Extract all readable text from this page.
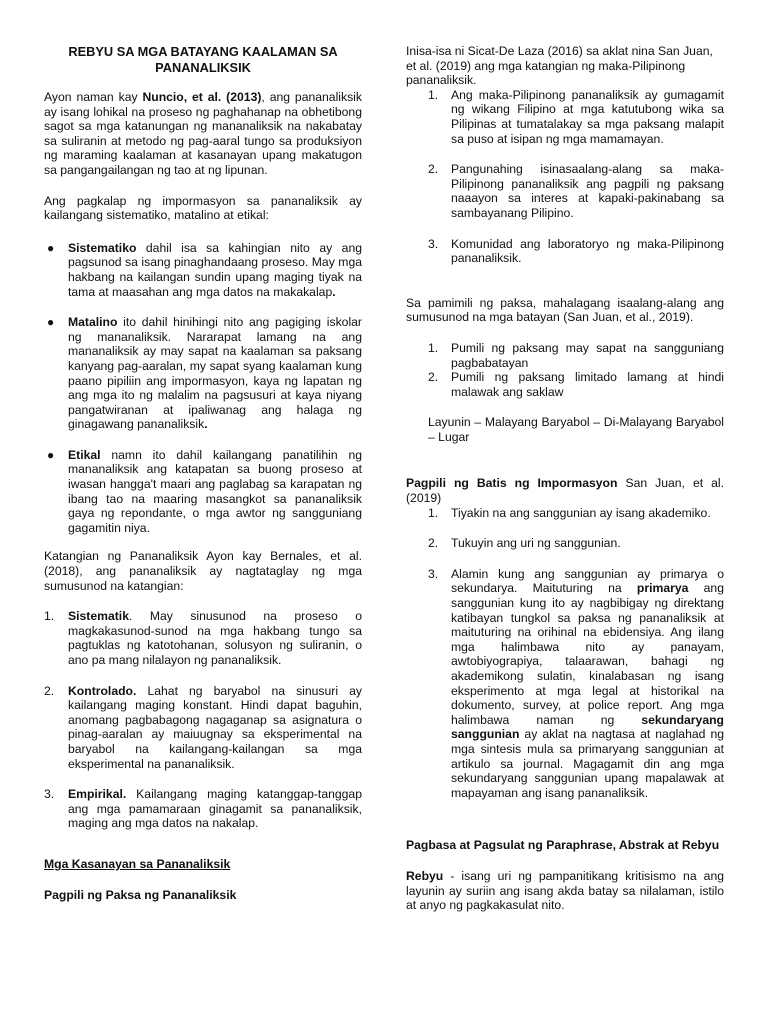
REBYU SA MGA BATAYANG KAALAMAN SA PANANALIKSIK

Ayon naman kay Nuncio, et al. (2013), ang pananaliksik ay isang lohikal na proseso ng paghahanap na obhetibong sagot sa mga katanungan ng mananaliksik na nakabatay sa suliranin at metodo ng pag-aaral tungo sa produksiyon ng maraming kaalaman at kasanayan upang makatugon sa pangangailangan ng tao at ng lipunan.

Ang pagkalap ng impormasyon sa pananaliksik ay kailangang sistematiko, matalino at etikal:

● Sistematiko dahil isa sa kahingian nito ay ang pagsunod sa isang pinaghandaang proseso. May mga hakbang na kailangan sundin upang maging tiyak na tama at maasahan ang mga datos na makakalap.
● Matalino ito dahil hinihingi nito ang pagiging iskolar ng mananaliksik. Nararapat lamang na ang mananaliksik ay may sapat na kaalaman sa paksang kanyang pag-aaralan, my sapat syang kaalaman kung paano pipiliin ang impormasyon, kaya ng lapatan ng ang mga ito ng malalim na pagsusuri at kaya niyang pangatwiranan at ipaliwanag ang halaga ng ginagawang pananaliksik.
● Etikal namn ito dahil kailangang panatilihin ng mananaliksik ang katapatan sa buong proseso at iwasan hangga't maari ang paglabag sa karapatan ng ibang tao na maaring masangkot sa pananaliksik gaya ng repondante, o mga awtor ng sangguniang gagamitin niya.

Katangian ng Pananaliksik Ayon kay Bernales, et al. (2018), ang pananaliksik ay nagtataglay ng mga sumusunod na katangian:

1. Sistematik. May sinusunod na proseso o magkakasunod-sunod na mga hakbang tungo sa pagtuklas ng katotohanan, solusyon ng suliranin, o ano pa mang nilalayon ng pananaliksik.
2. Kontrolado. Lahat ng baryabol na sinusuri ay kailangang maging konstant. Hindi dapat baguhin, anomang pagbabagong nagaganap sa asignatura o pinag-aaralan ay maiuugnay sa eksperimental na baryabol na kailangang-kailangan sa mga eksperimental na pananaliksik.
3. Empirikal. Kailangang maging katanggap-tanggap ang mga pamamaraan ginagamit sa pananaliksik, maging ang mga datos na nakalap.

Mga Kasanayan sa Pananaliksik

Pagpili ng Paksa ng Pananaliksik

Inisa-isa ni Sicat-De Laza (2016) sa aklat nina San Juan, et al. (2019) ang mga katangian ng maka-Pilipinong pananaliksik.

1. Ang maka-Pilipinong pananaliksik ay gumagamit ng wikang Filipino at mga katutubong wika sa Pilipinas at tumatalakay sa mga paksang malapit sa puso at isipan ng mga mamamayan.
2. Pangunahing isinasaalang-alang sa maka-Pilipinong pananaliksik ang pagpili ng paksang naaayon sa interes at kapaki-pakinabang sa sambayanang Pilipino.
3. Komunidad ang laboratoryo ng maka-Pilipinong pananaliksik.

Sa pamimili ng paksa, mahalagang isaalang-alang ang sumusunod na mga batayan (San Juan, et al., 2019).

1. Pumili ng paksang may sapat na sangguniang pagbabatayan
2. Pumili ng paksang limitado lamang at hindi malawak ang saklaw

Layunin – Malayang Baryabol – Di-Malayang Baryabol – Lugar

Pagpili ng Batis ng Impormasyon San Juan, et al. (2019)

1. Tiyakin na ang sanggunian ay isang akademiko.
2. Tukuyin ang uri ng sanggunian.
3. Alamin kung ang sanggunian ay primarya o sekundarya. Maituturing na primarya ang sanggunian kung ito ay nagbibigay ng direktang katibayan tungkol sa paksa ng pananaliksik at maituturing na orihinal na ebidensiya. Ang ilang mga halimbawa nito ay panayam, awtobiyograpiya, talaarawan, bahagi ng akademikong sulatin, kinalabasan ng isang eksperimento at mga legal at historikal na dokumento, survey, at police report. Ang mga halimbawa naman ng sekundaryang sanggunian ay aklat na nagtasa at naglahad ng mga sintesis mula sa primaryang sanggunian at artikulo sa journal. Magagamit din ang mga sekundaryang sanggunian upang mapalawak at mapayaman ang isang pananaliksik.

Pagbasa at Pagsulat ng Paraphrase, Abstrak at Rebyu

Rebyu - isang uri ng pampanitikang kritisismo na ang layunin ay suriin ang isang akda batay sa nilalaman, istilo at anyo ng pagkakasulat nito.
